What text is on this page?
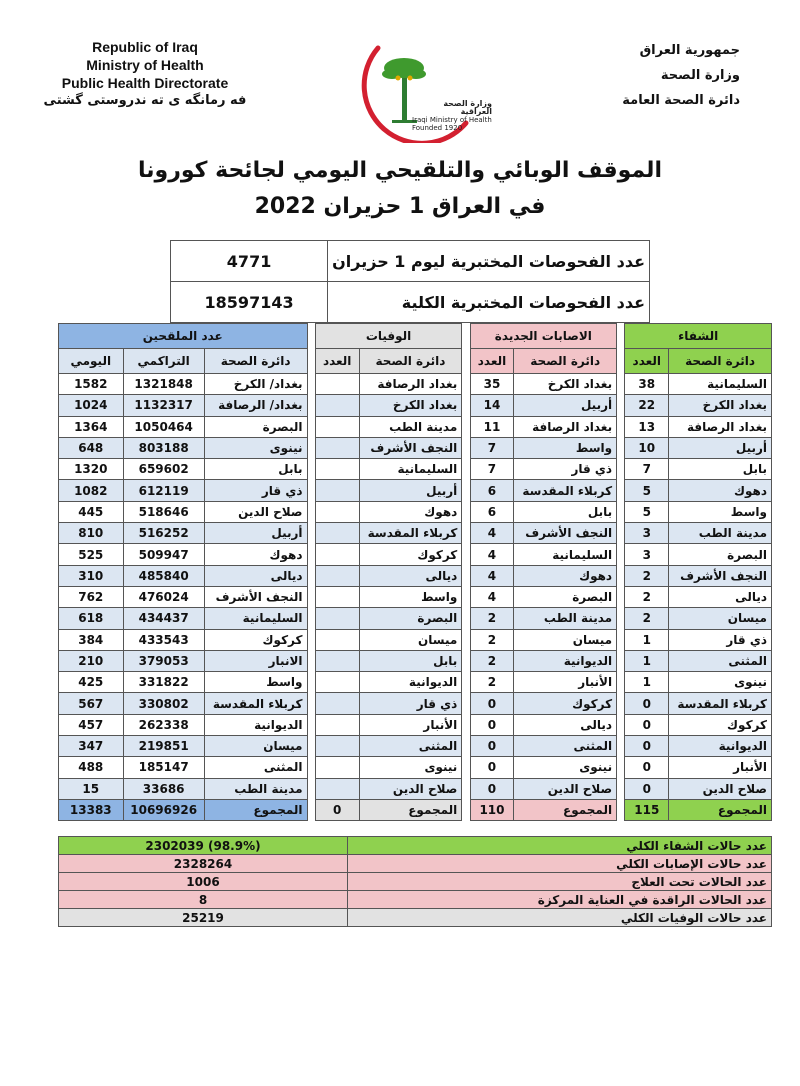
Republic of Iraq
Ministry of Health
Public Health Directorate
فه رمانگه ى ته ندروستى گشتى
جمهورية العراق
وزارة الصحة
دائرة الصحة العامة
وزارة الصحة العراقية
Iraqi Ministry of Health
Founded 1920
الموقف الوبائي والتلقيحي اليومي لجائحة كورونا
في العراق 1 حزيران 2022
4771	عدد الفحوصات المختبرية ليوم 1 حزيران
18597143	عدد الفحوصات المختبرية الكلية
عدد الملقحين				الوفيات			الاصابات الجديدة			الشفاء	
اليومي	التراكمي	دائرة الصحة		العدد	دائرة الصحة		العدد	دائرة الصحة		العدد	دائرة الصحة
1582	1321848	بغداد/ الكرخ			بغداد الرصافة		35	بغداد الكرخ		38	السليمانية
1024	1132317	بغداد/ الرصافة			بغداد الكرخ		14	أربيل		22	بغداد الكرخ
1364	1050464	البصرة			مدينة الطب		11	بغداد الرصافة		13	بغداد الرصافة
648	803188	نينوى			النجف الأشرف		7	واسط		10	أربيل
1320	659602	بابل			السليمانية		7	ذي قار		7	بابل
1082	612119	ذي قار			أربيل		6	كربلاء المقدسة		5	دهوك
445	518646	صلاح الدين			دهوك		6	بابل		5	واسط
810	516252	أربيل			كربلاء المقدسة		4	النجف الأشرف		3	مدينة الطب
525	509947	دهوك			كركوك		4	السليمانية		3	البصرة
310	485840	ديالى			ديالى		4	دهوك		2	النجف الأشرف
762	476024	النجف الأشرف			واسط		4	البصرة		2	ديالى
618	434437	السليمانية			البصرة		2	مدينة الطب		2	ميسان
384	433543	كركوك			ميسان		2	ميسان		1	ذي قار
210	379053	الانبار			بابل		2	الديوانية		1	المثنى
425	331822	واسط			الديوانية		2	الأنبار		1	نينوى
567	330802	كربلاء المقدسة			ذي قار		0	كركوك		0	كربلاء المقدسة
457	262338	الديوانية			الأنبار		0	ديالى		0	كركوك
347	219851	ميسان			المثنى		0	المثنى		0	الديوانية
488	185147	المثنى			نينوى		0	نينوى		0	الأنبار
15	33686	مدينة الطب			صلاح الدين		0	صلاح الدين		0	صلاح الدين
13383	10696926	المجموع		0	المجموع		110	المجموع		115	المجموع
2302039 (98.9%)	عدد حالات الشفاء الكلي
2328264	عدد حالات الإصابات الكلي
1006	عدد الحالات تحت العلاج
8	عدد الحالات الراقدة في العناية المركزة
25219	عدد حالات الوفيات الكلي
